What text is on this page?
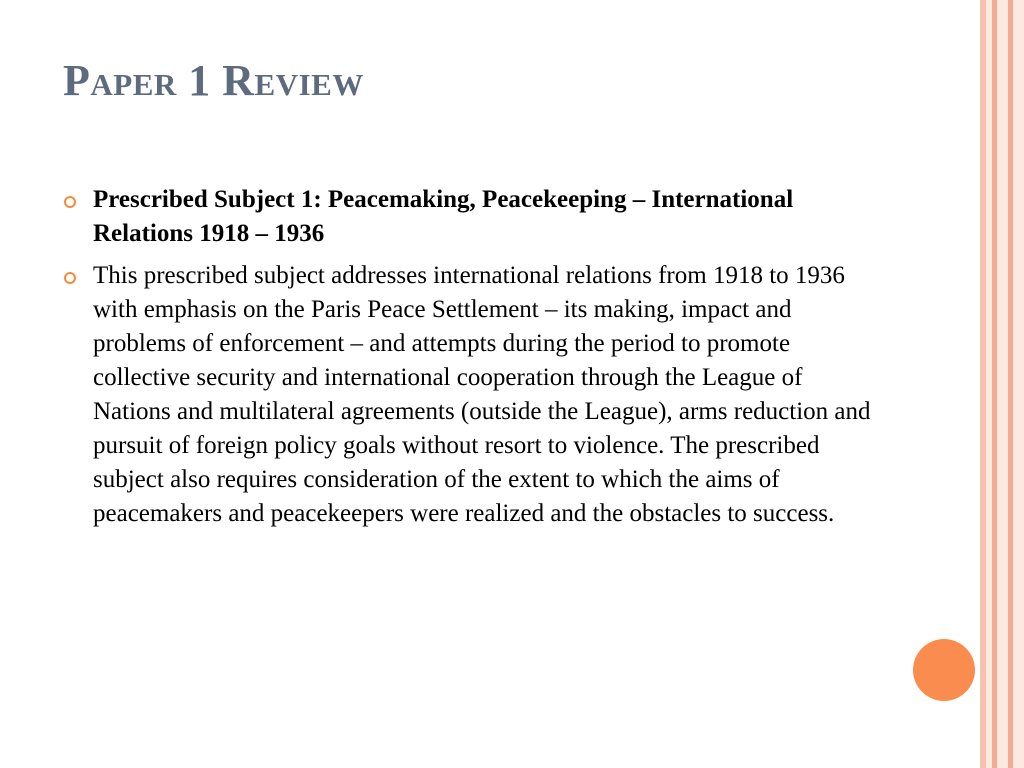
Paper 1 Review
Prescribed Subject 1: Peacemaking, Peacekeeping – International Relations 1918 – 1936
This prescribed subject addresses international relations from 1918 to 1936 with emphasis on the Paris Peace Settlement – its making, impact and problems of enforcement – and attempts during the period to promote collective security and international cooperation through the League of Nations and multilateral agreements (outside the League), arms reduction and pursuit of foreign policy goals without resort to violence. The prescribed subject also requires consideration of the extent to which the aims of peacemakers and peacekeepers were realized and the obstacles to success.
